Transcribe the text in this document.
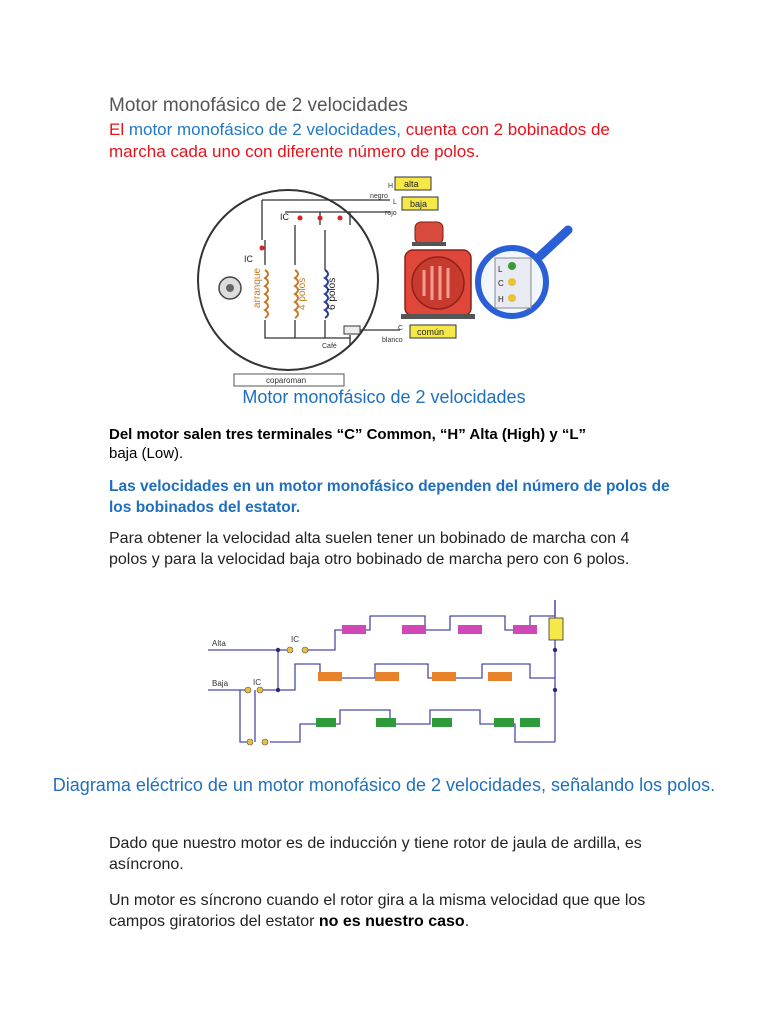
Motor monofásico de 2 velocidades
El motor monofásico de 2 velocidades, cuenta con 2 bobinados de marcha cada uno con diferente número de polos.
arranque	4 polos 6 polos
IC
IC
Café
H
negro
L
rojo
C
blanco
alta
baja
común
L
C
H
coparoman
Motor monofásico de 2 velocidades
Del motor salen tres terminales “C” Common, “H” Alta (High) y “L”
baja (Low).
Las velocidades en un motor monofásico dependen del número de polos de los bobinados del estator.
Para obtener la velocidad alta suelen tener un bobinado de marcha con 4 polos y para la velocidad baja otro bobinado de marcha pero con 6 polos.
Alta
Baja
IC
IC
Diagrama eléctrico de un motor monofásico de 2 velocidades, señalando los polos.
Dado que nuestro motor es de inducción y tiene rotor de jaula de ardilla, es asíncrono.
Un motor es síncrono cuando el rotor gira a la misma velocidad que que los campos giratorios del estator no es nuestro caso.
